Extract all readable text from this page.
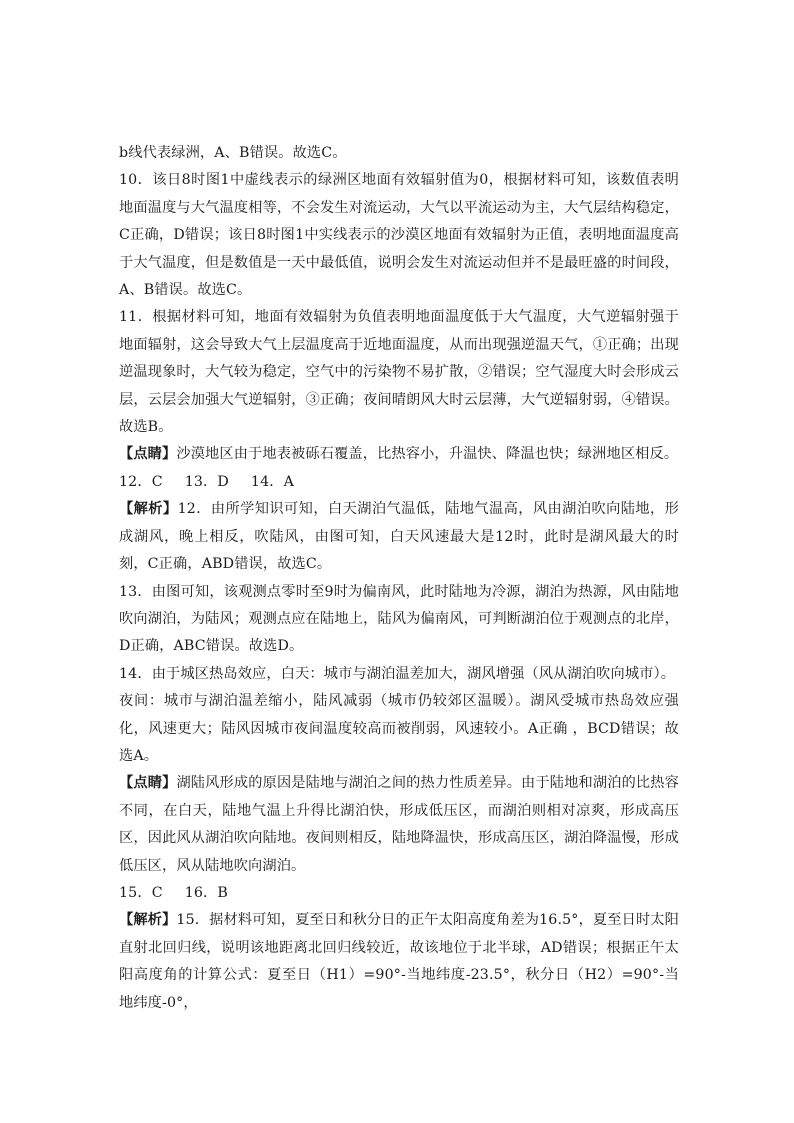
b线代表绿洲，A、B错误。故选C。

10．该日8时图1中虚线表示的绿洲区地面有效辐射值为0，根据材料可知，该数值表明地面温度与大气温度相等，不会发生对流运动，大气以平流运动为主，大气层结构稳定，C正确，D错误；该日8时图1中实线表示的沙漠区地面有效辐射为正值，表明地面温度高于大气温度，但是数值是一天中最低值，说明会发生对流运动但并不是最旺盛的时间段，A、B错误。故选C。

11．根据材料可知，地面有效辐射为负值表明地面温度低于大气温度，大气逆辐射强于地面辐射，这会导致大气上层温度高于近地面温度，从而出现强逆温天气，①正确；出现逆温现象时，大气较为稳定，空气中的污染物不易扩散，②错误；空气湿度大时会形成云层，云层会加强大气逆辐射，③正确；夜间晴朗风大时云层薄，大气逆辐射弱，④错误。故选B。

【点睛】沙漠地区由于地表被砾石覆盖，比热容小，升温快、降温也快；绿洲地区相反。

12．C 13．D 14．A

【解析】12．由所学知识可知，白天湖泊气温低，陆地气温高，风由湖泊吹向陆地，形成湖风，晚上相反，吹陆风，由图可知，白天风速最大是12时，此时是湖风最大的时刻，C正确，ABD错误，故选C。

13．由图可知，该观测点零时至9时为偏南风，此时陆地为冷源，湖泊为热源，风由陆地吹向湖泊，为陆风；观测点应在陆地上，陆风为偏南风，可判断湖泊位于观测点的北岸，D正确，ABC错误。故选D。

14．由于城区热岛效应，白天：城市与湖泊温差加大，湖风增强（风从湖泊吹向城市）。

夜间：城市与湖泊温差缩小，陆风减弱（城市仍较郊区温暖）。湖风受城市热岛效应强化，风速更大；陆风因城市夜间温度较高而被削弱，风速较小。A正确 ，BCD错误；故选A。

【点睛】湖陆风形成的原因是陆地与湖泊之间的热力性质差异。由于陆地和湖泊的比热容不同，在白天，陆地气温上升得比湖泊快，形成低压区，而湖泊则相对凉爽，形成高压区，因此风从湖泊吹向陆地。夜间则相反，陆地降温快，形成高压区，湖泊降温慢，形成低压区，风从陆地吹向湖泊。

15．C 16．B

【解析】15．据材料可知，夏至日和秋分日的正午太阳高度角差为16.5°，夏至日时太阳直射北回归线，说明该地距离北回归线较近，故该地位于北半球，AD错误；根据正午太阳高度角的计算公式：夏至日（H1）=90°-当地纬度-23.5°，秋分日（H2）=90°-当地纬度-0°，
